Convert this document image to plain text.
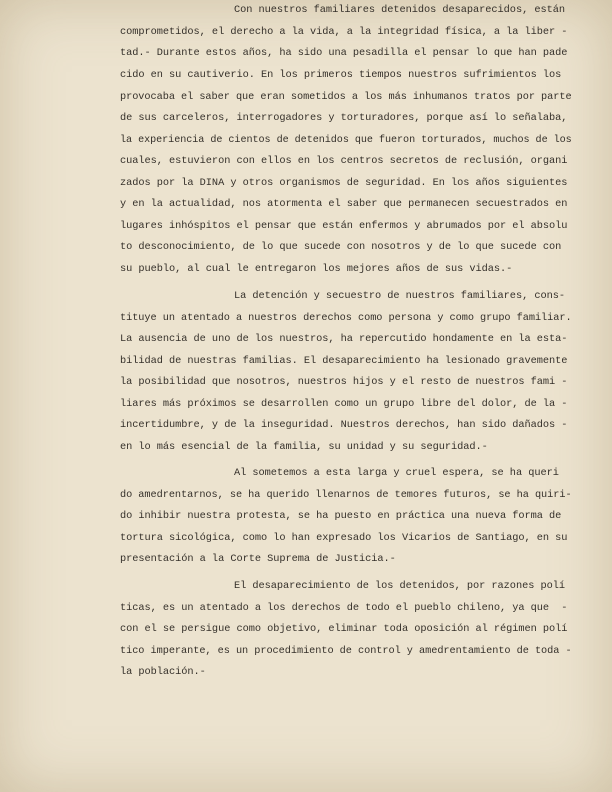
Con nuestros familiares detenidos desaparecidos, están
comprometidos, el derecho a la vida, a la integridad física, a la liber -
tad.- Durante estos años, ha sido una pesadilla el pensar lo que han pade
cido en su cautiverio. En los primeros tiempos nuestros sufrimientos los
provocaba el saber que eran sometidos a los más inhumanos tratos por parte
de sus carceleros, interrogadores y torturadores, porque así lo señalaba,
la experiencia de cientos de detenidos que fueron torturados, muchos de los
cuales, estuvieron con ellos en los centros secretos de reclusión, organi
zados por la DINA y otros organismos de seguridad. En los años siguientes
y en la actualidad, nos atormenta el saber que permanecen secuestrados en
lugares inhóspitos el pensar que están enfermos y abrumados por el absolu
to desconocimiento, de lo que sucede con nosotros y de lo que sucede con
su pueblo, al cual le entregaron los mejores años de sus vidas.-
La detención y secuestro de nuestros familiares, cons-
tituye un atentado a nuestros derechos como persona y como grupo familiar.
La ausencia de uno de los nuestros, ha repercutido hondamente en la esta-
bilidad de nuestras familias. El desaparecimiento ha lesionado gravemente
la posibilidad que nosotros, nuestros hijos y el resto de nuestros fami -
liares más próximos se desarrollen como un grupo libre del dolor, de la -
incertidumbre, y de la inseguridad. Nuestros derechos, han sido dañados -
en lo más esencial de la familia, su unidad y su seguridad.-
Al sometemos a esta larga y cruel espera, se ha queri
do amedrentarnos, se ha querido llenarnos de temores futuros, se ha quiri-
do inhibir nuestra protesta, se ha puesto en práctica una nueva forma de
tortura sicológica, como lo han expresado los Vicarios de Santiago, en su
presentación a la Corte Suprema de Justicia.-
El desaparecimiento de los detenidos, por razones polí
ticas, es un atentado a los derechos de todo el pueblo chileno, ya que  -
con el se persigue como objetivo, eliminar toda oposición al régimen polí
tico imperante, es un procedimiento de control y amedrentamiento de toda -
la población.-
